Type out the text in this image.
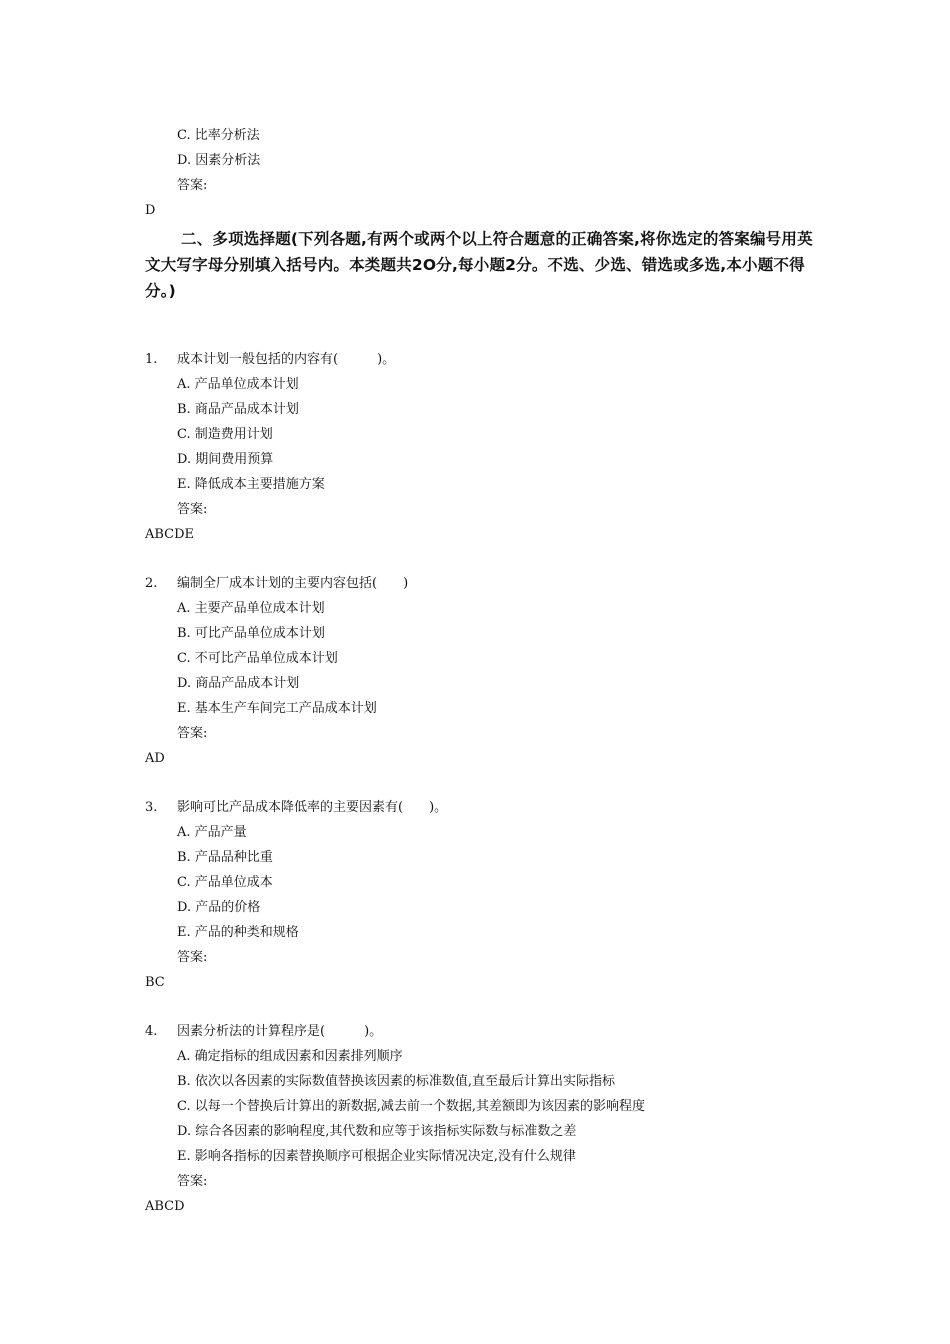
C. 比率分析法
D. 因素分析法
答案:
D
二、多项选择题(下列各题,有两个或两个以上符合题意的正确答案,将你选定的答案编号用英文大写字母分别填入括号内。本类题共2O分,每小题2分。不选、少选、错选或多选,本小题不得分。)
1. 成本计划一般包括的内容有(　　　)。
A. 产品单位成本计划
B. 商品产品成本计划
C. 制造费用计划
D. 期间费用预算
E. 降低成本主要措施方案
答案:
ABCDE
2. 编制全厂成本计划的主要内容包括(　　)
A. 主要产品单位成本计划
B. 可比产品单位成本计划
C. 不可比产品单位成本计划
D. 商品产品成本计划
E. 基本生产车间完工产品成本计划
答案:
AD
3. 影响可比产品成本降低率的主要因素有(　　)。
A. 产品产量
B. 产品品种比重
C. 产品单位成本
D. 产品的价格
E. 产品的种类和规格
答案:
BC
4. 因素分析法的计算程序是(　　　)。
A. 确定指标的组成因素和因素排列顺序
B. 依次以各因素的实际数值替换该因素的标准数值,直至最后计算出实际指标
C. 以每一个替换后计算出的新数据,减去前一个数据,其差额即为该因素的影响程度
D. 综合各因素的影响程度,其代数和应等于该指标实际数与标准数之差
E. 影响各指标的因素替换顺序可根据企业实际情况决定,没有什么规律
答案:
ABCD
